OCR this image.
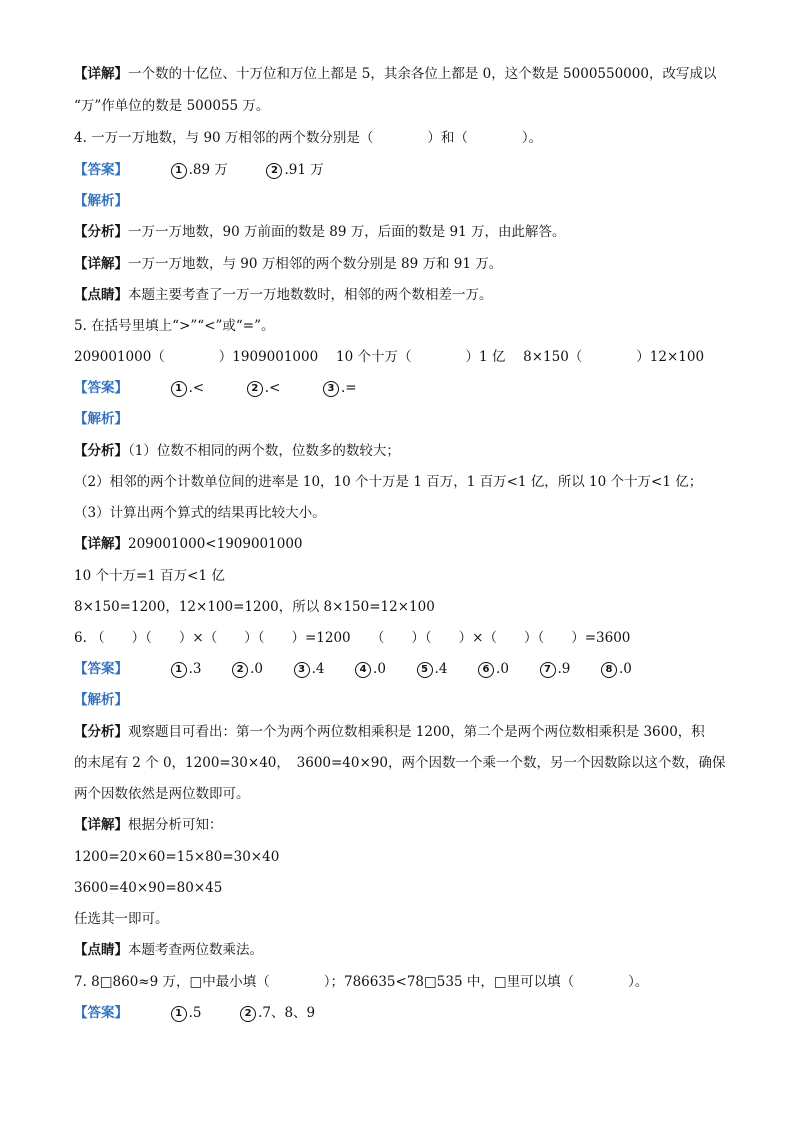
【详解】一个数的十亿位、十万位和万位上都是 5，其余各位上都是 0，这个数是 5000550000，改写成以
“万”作单位的数是 500055 万。
4. 一万一万地数，与 90 万相邻的两个数分别是（　　　　）和（　　　　）。
【答案】	1 .89 万	2 .91 万
【解析】
【分析】一万一万地数，90 万前面的数是 89 万，后面的数是 91 万，由此解答。
【详解】一万一万地数，与 90 万相邻的两个数分别是 89 万和 91 万。
【点睛】本题主要考查了一万一万地数数时，相邻的两个数相差一万。
5. 在括号里填上“>”“<”或“=”。
209001000（　　　　）1909001000　 10 个十万（　　　　）1 亿　 8×150（　　　　）12×100
【答案】	1 .<	2 .<	3 .=
【解析】
【分析】（1）位数不相同的两个数，位数多的数较大；
（2）相邻的两个计数单位间的进率是 10，10 个十万是 1 百万，1 百万<1 亿，所以 10 个十万<1 亿；
（3）计算出两个算式的结果再比较大小。
【详解】209001000<1909001000
10 个十万=1 百万<1 亿
8×150=1200，12×100=1200，所以 8×150=12×100
6. （　　）（　　）×（　　）（　　）=1200　　（　　）（　　）×（　　）（　　）=3600
【答案】	1 .3	2 .0	3 .4	4 .0	5 .4	6 .0	7 .9	8 .0
【解析】
【分析】观察题目可看出：第一个为两个两位数相乘积是 1200，第二个是两个两位数相乘积是 3600，积
的末尾有 2 个 0，1200=30×40，　3600=40×90，两个因数一个乘一个数，另一个因数除以这个数，确保
两个因数依然是两位数即可。
【详解】根据分析可知：
1200=20×60=15×80=30×40
3600=40×90=80×45
任选其一即可。
【点睛】本题考查两位数乘法。
7. 8□860≈9 万，□中最小填（　　　　）；786635<78□535 中，□里可以填（　　　　）。
【答案】	1 .5	2 .7、8、9
